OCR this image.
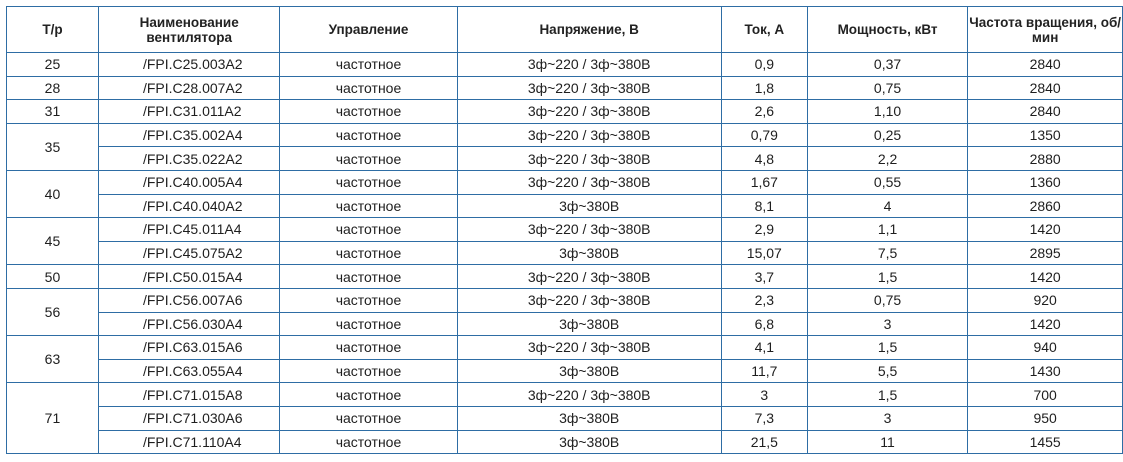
Т/р	Наименование вентилятора	Управление	Напряжение, В	Ток, А	Мощность, кВт	Частота вращения, об/мин
25	/FPI.C25.003A2	частотное	3ф~220 / 3ф~380В	0,9	0,37	2840
28	/FPI.C28.007A2	частотное	3ф~220 / 3ф~380В	1,8	0,75	2840
31	/FPI.C31.011A2	частотное	3ф~220 / 3ф~380В	2,6	1,10	2840
35	/FPI.C35.002A4	частотное	3ф~220 / 3ф~380В	0,79	0,25	1350
	/FPI.C35.022A2	частотное	3ф~220 / 3ф~380В	4,8	2,2	2880
40	/FPI.C40.005A4	частотное	3ф~220 / 3ф~380В	1,67	0,55	1360
	/FPI.C40.040A2	частотное	3ф~380В	8,1	4	2860
45	/FPI.C45.011A4	частотное	3ф~220 / 3ф~380В	2,9	1,1	1420
	/FPI.C45.075A2	частотное	3ф~380В	15,07	7,5	2895
50	/FPI.C50.015A4	частотное	3ф~220 / 3ф~380В	3,7	1,5	1420
56	/FPI.C56.007A6	частотное	3ф~220 / 3ф~380В	2,3	0,75	920
	/FPI.C56.030A4	частотное	3ф~380В	6,8	3	1420
63	/FPI.C63.015A6	частотное	3ф~220 / 3ф~380В	4,1	1,5	940
	/FPI.C63.055A4	частотное	3ф~380В	11,7	5,5	1430
71	/FPI.C71.015A8	частотное	3ф~220 / 3ф~380В	3	1,5	700
	/FPI.C71.030A6	частотное	3ф~380В	7,3	3	950
	/FPI.C71.110A4	частотное	3ф~380В	21,5	11	1455
